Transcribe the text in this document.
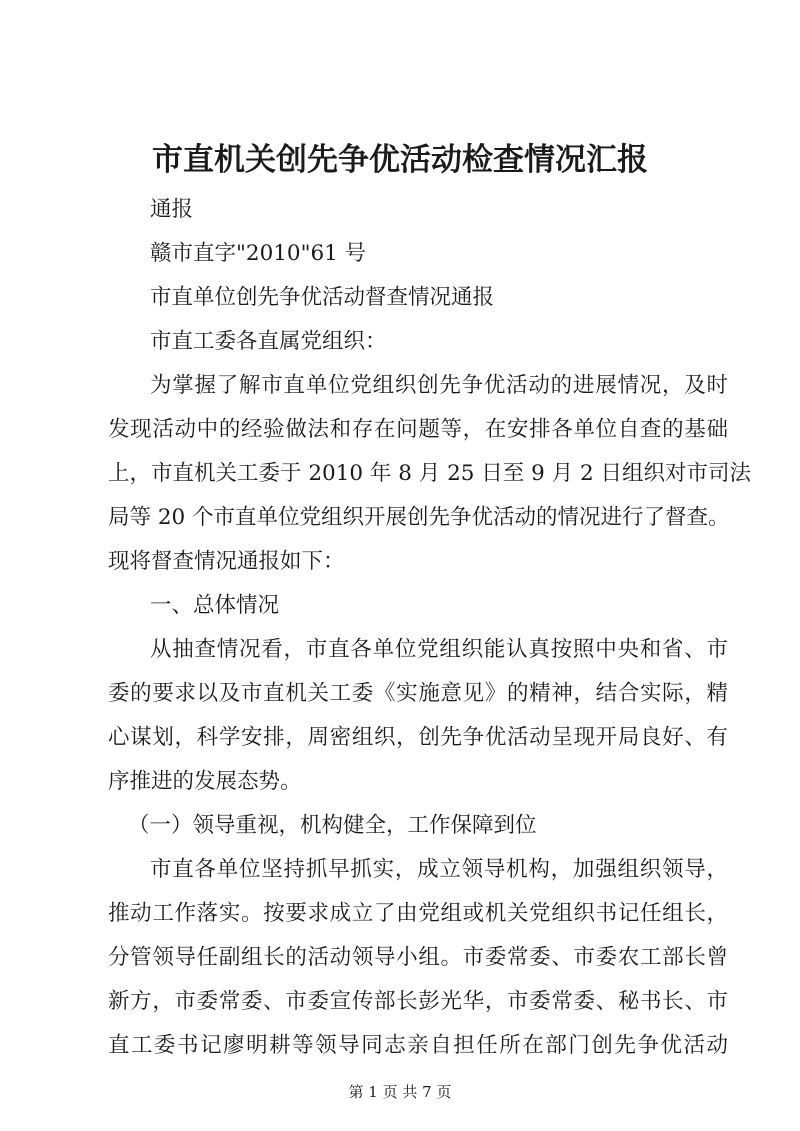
市直机关创先争优活动检查情况汇报
通报
赣市直字"2010"61 号
市直单位创先争优活动督查情况通报
市直工委各直属党组织：
为掌握了解市直单位党组织创先争优活动的进展情况，及时
发现活动中的经验做法和存在问题等，在安排各单位自查的基础
上，市直机关工委于 2010 年 8 月 25 日至 9 月 2 日组织对市司法
局等 20 个市直单位党组织开展创先争优活动的情况进行了督查。
现将督查情况通报如下：
一、总体情况
从抽查情况看，市直各单位党组织能认真按照中央和省、市
委的要求以及市直机关工委《实施意见》的精神，结合实际，精
心谋划，科学安排，周密组织，创先争优活动呈现开局良好、有
序推进的发展态势。
（一）领导重视，机构健全，工作保障到位
市直各单位坚持抓早抓实，成立领导机构，加强组织领导，
推动工作落实。按要求成立了由党组或机关党组织书记任组长，
分管领导任副组长的活动领导小组。市委常委、市委农工部长曾
新方，市委常委、市委宣传部长彭光华，市委常委、秘书长、市
直工委书记廖明耕等领导同志亲自担任所在部门创先争优活动
第 1 页 共 7 页
